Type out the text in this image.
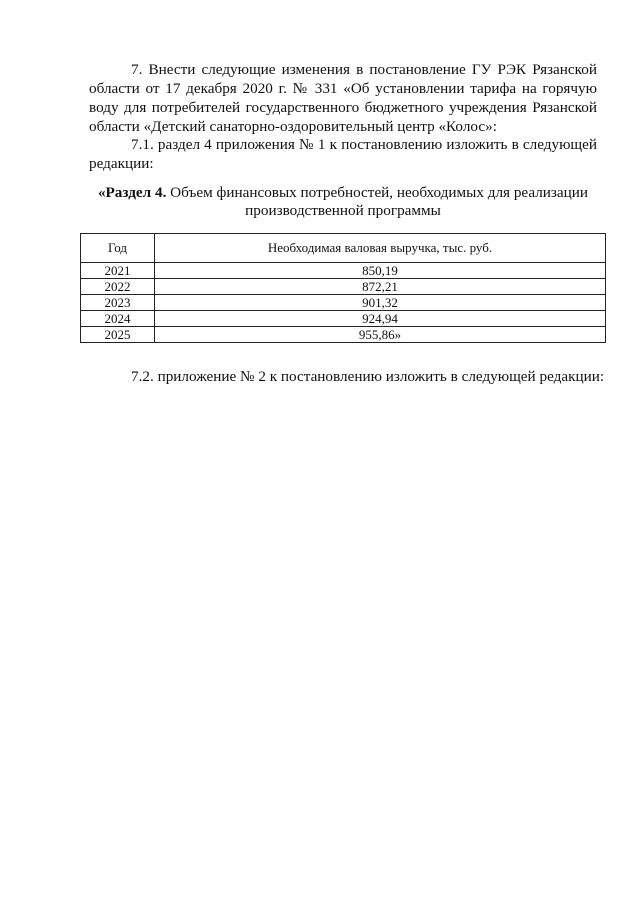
7. Внести следующие изменения в постановление ГУ РЭК Рязанской области от 17 декабря 2020 г. № 331 «Об установлении тарифа на горячую воду для потребителей государственного бюджетного учреждения Рязанской области «Детский санаторно-оздоровительный центр «Колос»:

7.1. раздел 4 приложения № 1 к постановлению изложить в следующей редакции:

«Раздел 4. Объем финансовых потребностей, необходимых для реализации производственной программы

Год	Необходимая валовая выручка, тыс. руб.
2021	850,19
2022	872,21
2023	901,32
2024	924,94
2025	955,86»

7.2. приложение № 2 к постановлению изложить в следующей редакции:
